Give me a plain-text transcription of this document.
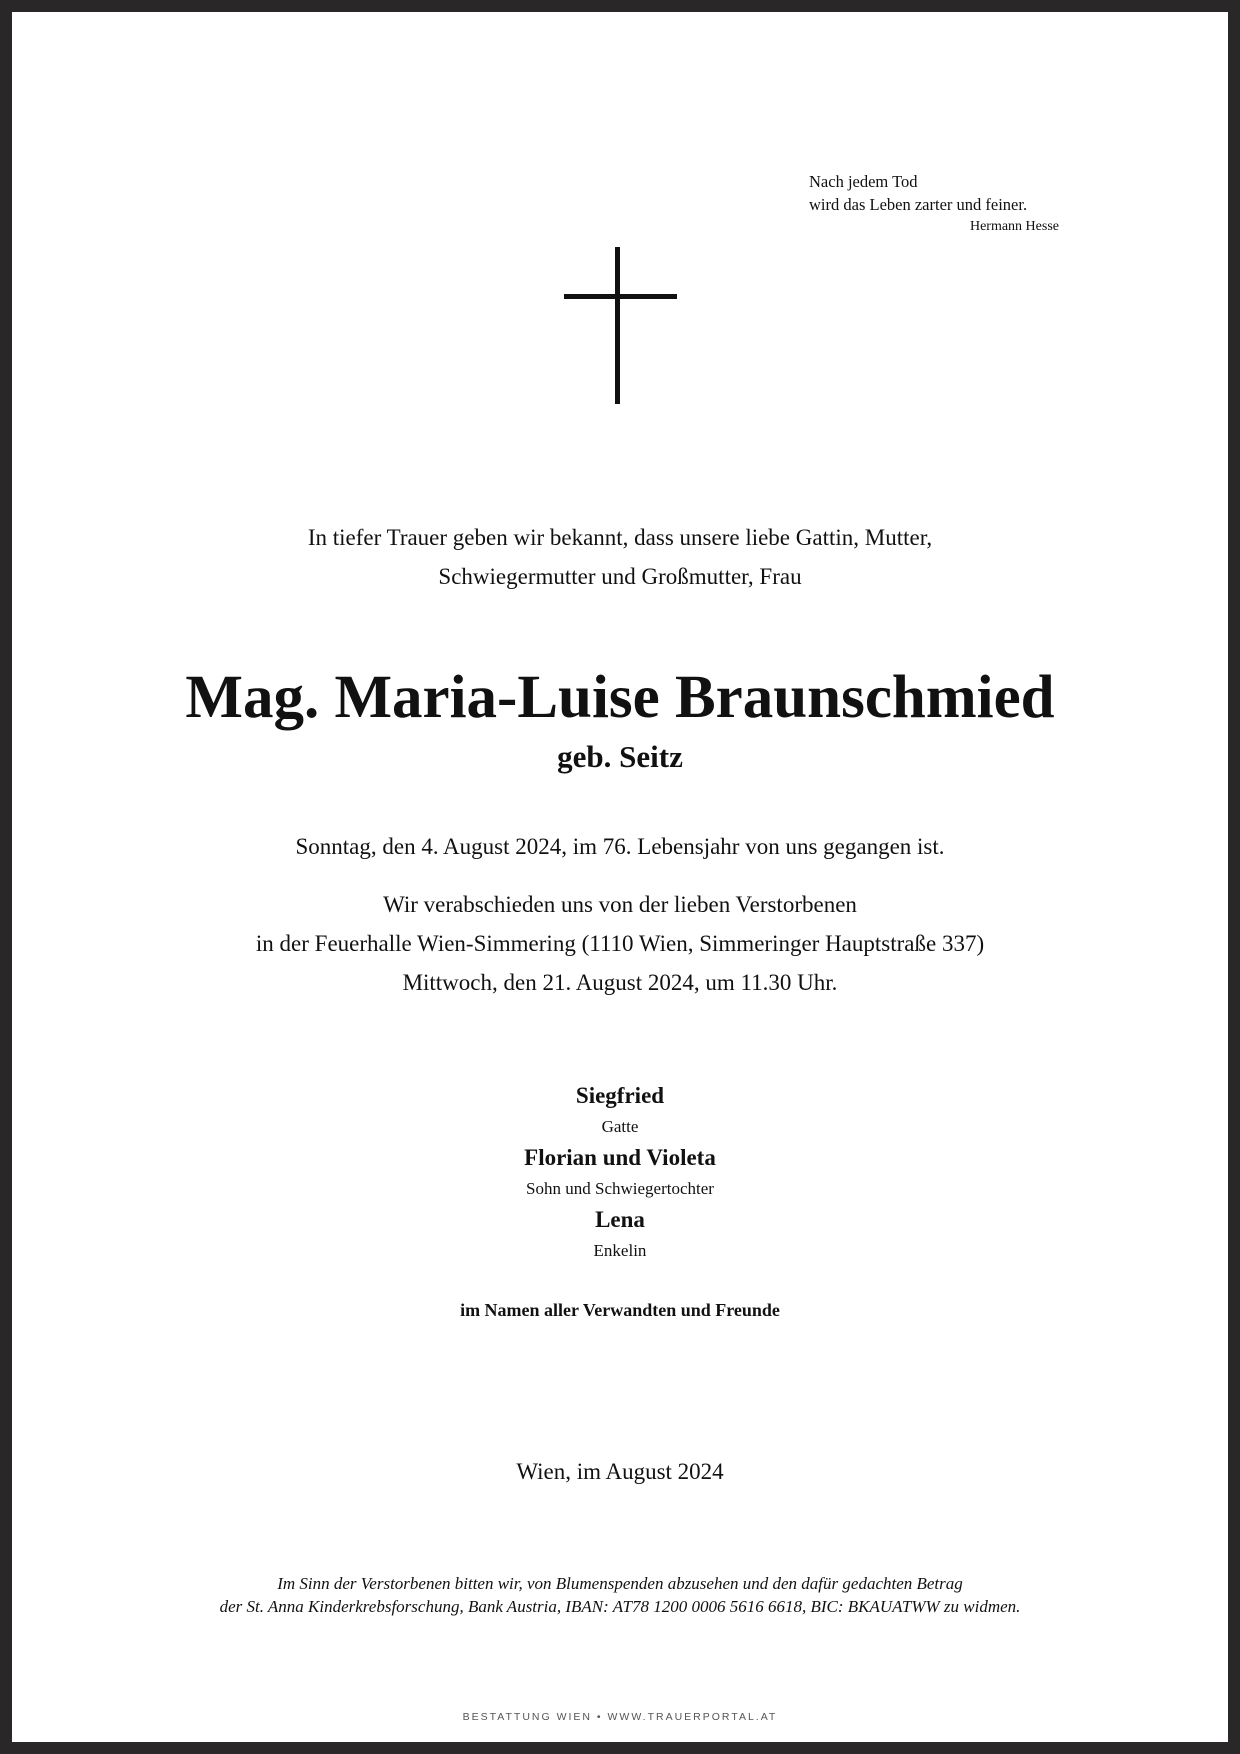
Nach jedem Tod
wird das Leben zarter und feiner.
Hermann Hesse
In tiefer Trauer geben wir bekannt, dass unsere liebe Gattin, Mutter,
Schwiegermutter und Großmutter, Frau
Mag. Maria-Luise Braunschmied
geb. Seitz
Sonntag, den 4. August 2024, im 76. Lebensjahr von uns gegangen ist.
Wir verabschieden uns von der lieben Verstorbenen
in der Feuerhalle Wien-Simmering (1110 Wien, Simmeringer Hauptstraße 337)
Mittwoch, den 21. August 2024, um 11.30 Uhr.
Siegfried
Gatte
Florian und Violeta
Sohn und Schwiegertochter
Lena
Enkelin
im Namen aller Verwandten und Freunde
Wien, im August 2024
Im Sinn der Verstorbenen bitten wir, von Blumenspenden abzusehen und den dafür gedachten Betrag
der St. Anna Kinderkrebsforschung, Bank Austria, IBAN: AT78 1200 0006 5616 6618, BIC: BKAUATWW zu widmen.
BESTATTUNG WIEN • WWW.TRAUERPORTAL.AT
